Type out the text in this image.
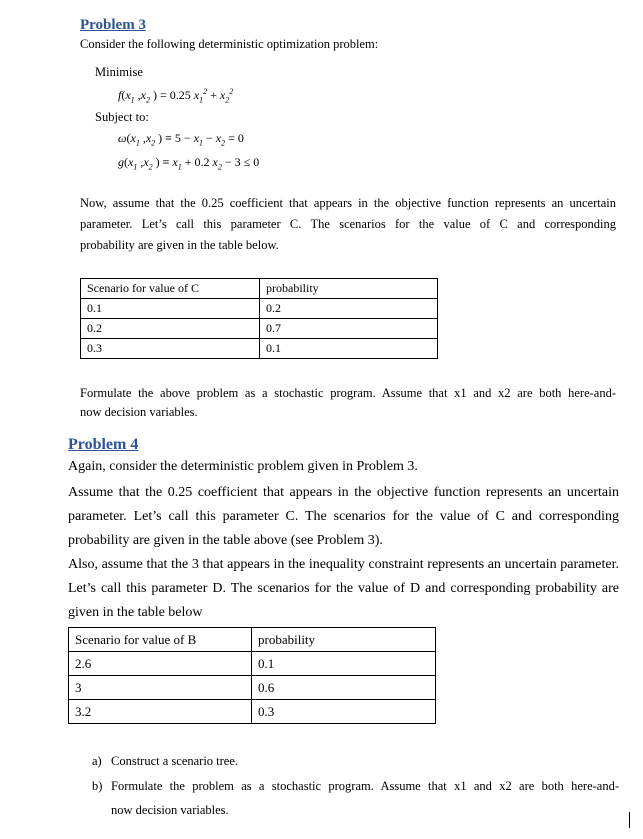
Problem 3
Consider the following deterministic optimization problem:
Minimise
$f(x_1$ $,x_2$ ) = 0.25 $x_1^2 + x_2^2$
Subject to:
$\omega(x_1$ $,x_2$ ) ≡ $5 - x_1 - x_2 = 0$
$g(x_1$ $,x_2$ ) ≡ $x_1 + 0.2$ $x_2 - 3 \le 0$
Now, assume that the 0.25 coefficient that appears in the objective function represents an uncertain
parameter. Let’s call this parameter C. The scenarios for the value of C and corresponding
probability are given in the table below.
Scenario for value of C	probability
0.1	0.2
0.2	0.7
0.3	0.1
Formulate the above problem as a stochastic program. Assume that x1 and x2 are both here-and-
now decision variables.
Problem 4
Again, consider the deterministic problem given in Problem 3.
Assume that the 0.25 coefficient that appears in the objective function represents an uncertain
parameter. Let’s call this parameter C. The scenarios for the value of C and corresponding
probability are given in the table above (see Problem 3).
Also, assume that the 3 that appears in the inequality constraint represents an uncertain parameter.
Let’s call this parameter D. The scenarios for the value of D and corresponding probability are
given in the table below
Scenario for value of B	probability
2.6	0.1
3	0.6
3.2	0.3
a) Construct a scenario tree.
b) Formulate the problem as a stochastic program. Assume that x1 and x2 are both here-and-
now decision variables.
